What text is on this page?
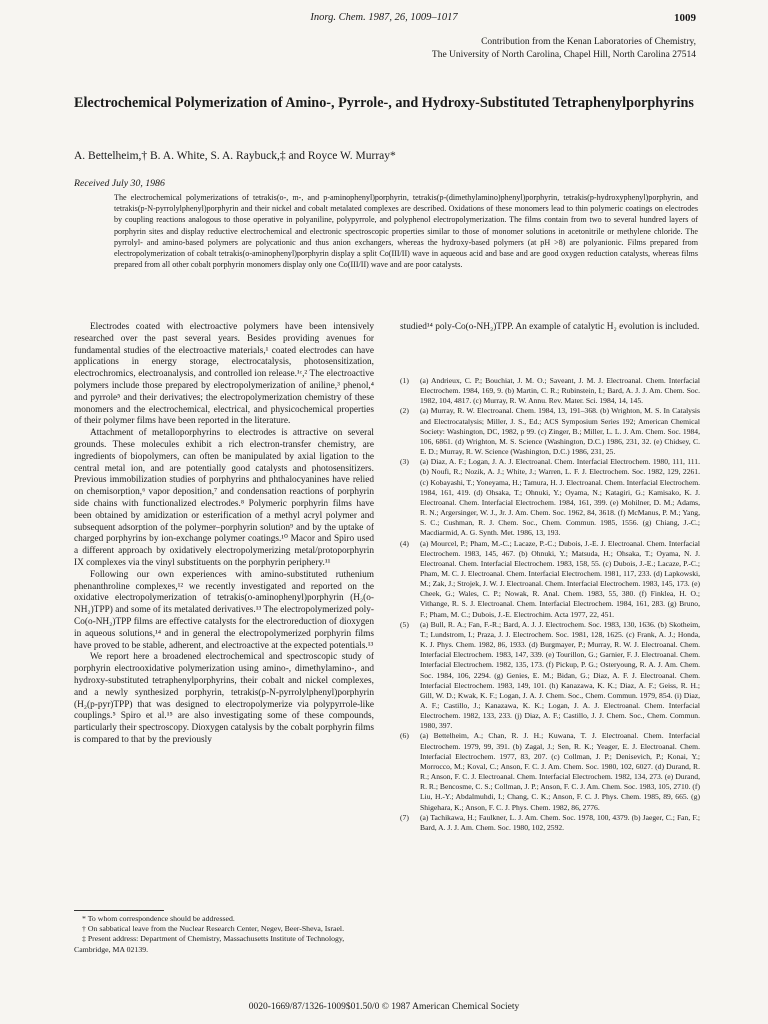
Inorg. Chem. 1987, 26, 1009–1017	1009
Contribution from the Kenan Laboratories of Chemistry,
The University of North Carolina, Chapel Hill, North Carolina 27514
Electrochemical Polymerization of Amino-, Pyrrole-, and Hydroxy-Substituted Tetraphenylporphyrins
A. Bettelheim,† B. A. White, S. A. Raybuck,‡ and Royce W. Murray*
Received July 30, 1986
The electrochemical polymerizations of tetrakis(o-, m-, and p-aminophenyl)porphyrin, tetrakis(p-(dimethylamino)phenyl)porphyrin, tetrakis(p-hydroxyphenyl)porphyrin, and tetrakis(p-N-pyrrolylphenyl)porphyrin and their nickel and cobalt metalated complexes are described. Oxidations of these monomers lead to thin polymeric coatings on electrodes by coupling reactions analogous to those operative in polyaniline, polypyrrole, and polyphenol electropolymerization. The films contain from two to several hundred layers of porphyrin sites and display reductive electrochemical and electronic spectroscopic properties similar to those of monomer solutions in acetonitrile or methylene chloride. The pyrrolyl- and amino-based polymers are polycationic and thus anion exchangers, whereas the hydroxy-based polymers (at pH >8) are polyanionic. Films prepared from electropolymerization of cobalt tetrakis(o-aminophenyl)porphyrin display a split Co(III/II) wave in aqueous acid and base and are good oxygen reduction catalysts, whereas films prepared from all other cobalt porphyrin monomers display only one Co(III/II) wave and are poor catalysts.

Electrodes coated with electroactive polymers have been intensively researched over the past several years. Besides providing avenues for fundamental studies of the electroactive materials,¹ coated electrodes can have applications in energy storage, electrocatalysis, photosensitization, electrochromics, electroanalysis, and controlled ion release.¹ᶜ,² The electroactive polymers include those prepared by electropolymerization of aniline,³ phenol,⁴ and pyrrole⁵ and their derivatives; the electropolymerization chemistry of these monomers and the electrochemical, electrical, and physicochemical properties of their polymer films have been reported in the literature.

Attachment of metalloporphyrins to electrodes is attractive on several grounds. These molecules exhibit a rich electron-transfer chemistry, are ingredients of biopolymers, can often be manipulated by axial ligation to the central metal ion, and are potentially good catalysts and photosensitizers. Previous immobilization studies of porphyrins and phthalocyanines have relied on chemisorption,⁶ vapor deposition,⁷ and condensation reactions of porphyrin side chains with functionalized electrodes.⁸ Polymeric porphyrin films have been obtained by amidization or esterification of a methyl acryl polymer and subsequent adsorption of the polymer–porphyrin solution⁹ and by the uptake of charged porphyrins by ion-exchange polymer coatings.¹⁰ Macor and Spiro used a different approach by oxidatively electropolymerizing metal/protoporphyrin IX complexes via the vinyl substituents on the porphyrin periphery.¹¹

Following our own experiences with amino-substituted ruthenium phenanthroline complexes,¹² we recently investigated and reported on the oxidative electropolymerization of tetrakis(o-aminophenyl)porphyrin (H₂(o-NH₂)TPP) and some of its metalated derivatives.¹³ The electropolymerized poly-Co(o-NH₂)TPP films are effective catalysts for the electroreduction of dioxygen in aqueous solutions,¹⁴ and in general the electropolymerized porphyrin films have proved to be stable, adherent, and electroactive at the expected potentials.¹³

We report here a broadened electrochemical and spectroscopic study of porphyrin electrooxidative polymerization using amino-, dimethylamino-, and hydroxy-substituted tetraphenylporphyrins, their cobalt and nickel complexes, and a newly synthesized porphyrin, tetrakis(p-N-pyrrolylphenyl)porphyrin (H₂(p-pyr)TPP) that was designed to electropolymerize via polypyrrole-like couplings.⁵ Spiro et al.¹⁵ are also investigating some of these compounds, particularly their spectroscopy. Dioxygen catalysis by the cobalt porphyrin films is compared to that by the previously

studied¹⁴ poly-Co(o-NH₂)TPP. An example of catalytic H₂ evolution is included.

(1)	(a) Andrieux, C. P.; Bouchiat, J. M. O.; Saveant, J. M. J. Electroanal. Chem. Interfacial Electrochem. 1984, 169, 9. (b) Martin, C. R.; Rubinstein, I.; Bard, A. J. J. Am. Chem. Soc. 1982, 104, 4817. (c) Murray, R. W. Annu. Rev. Mater. Sci. 1984, 14, 145.
(2)	(a) Murray, R. W. Electroanal. Chem. 1984, 13, 191–368. (b) Wrighton, M. S. In Catalysis and Electrocatalysis; Miller, J. S., Ed.; ACS Symposium Series 192; American Chemical Society: Washington, DC, 1982, p 99. (c) Zinger, B.; Miller, L. L. J. Am. Chem. Soc. 1984, 106, 6861. (d) Wrighton, M. S. Science (Washington, D.C.) 1986, 231, 32. (e) Chidsey, C. E. D.; Murray, R. W. Science (Washington, D.C.) 1986, 231, 25.
(3)	(a) Diaz, A. F.; Logan, J. A. J. Electroanal. Chem. Interfacial Electrochem. 1980, 111, 111. (b) Noufi, R.; Nozik, A. J.; White, J.; Warren, L. F. J. Electrochem. Soc. 1982, 129, 2261. (c) Kobayashi, T.; Yoneyama, H.; Tamura, H. J. Electroanal. Chem. Interfacial Electrochem. 1984, 161, 419. (d) Ohsaka, T.; Ohnuki, Y.; Oyama, N.; Katagiri, G.; Kamisako, K. J. Electroanal. Chem. Interfacial Electrochem. 1984, 161, 399. (e) Mohilner, D. M.; Adams, R. N.; Argersinger, W. J., Jr. J. Am. Chem. Soc. 1962, 84, 3618. (f) McManus, P. M.; Yang, S. C.; Cushman, R. J. Chem. Soc., Chem. Commun. 1985, 1556. (g) Chiang, J.-C.; Macdiarmid, A. G. Synth. Met. 1986, 13, 193.
(4)	(a) Mourcel, P.; Pham, M.-C.; Lacaze, P.-C.; Dubois, J.-E. J. Electroanal. Chem. Interfacial Electrochem. 1983, 145, 467. (b) Ohnuki, Y.; Matsuda, H.; Ohsaka, T.; Oyama, N. J. Electroanal. Chem. Interfacial Electrochem. 1983, 158, 55. (c) Dubois, J.-E.; Lacaze, P.-C.; Pham, M. C. J. Electroanal. Chem. Interfacial Electrochem. 1981, 117, 233. (d) Lapkowski, M.; Zak, J.; Strojek, J. W. J. Electroanal. Chem. Interfacial Electrochem. 1983, 145, 173. (e) Cheek, G.; Wales, C. P.; Nowak, R. Anal. Chem. 1983, 55, 380. (f) Finklea, H. O.; Vithange, R. S. J. Electroanal. Chem. Interfacial Electrochem. 1984, 161, 283. (g) Bruno, F.; Pham, M. C.; Dubois, J.-E. Electrochim. Acta 1977, 22, 451.
(5)	(a) Bull, R. A.; Fan, F.-R.; Bard, A. J. J. Electrochem. Soc. 1983, 130, 1636. (b) Skotheim, T.; Lundstrom, I.; Praza, J. J. Electrochem. Soc. 1981, 128, 1625. (c) Frank, A. J.; Honda, K. J. Phys. Chem. 1982, 86, 1933. (d) Burgmayer, P.; Murray, R. W. J. Electroanal. Chem. Interfacial Electrochem. 1983, 147, 339. (e) Tourillon, G.; Garnier, F. J. Electroanal. Chem. Interfacial Electrochem. 1982, 135, 173. (f) Pickup, P. G.; Osteryoung, R. A. J. Am. Chem. Soc. 1984, 106, 2294. (g) Genies, E. M.; Bidan, G.; Diaz, A. F. J. Electroanal. Chem. Interfacial Electrochem. 1983, 149, 101. (h) Kanazawa, K. K.; Diaz, A. F.; Geiss, R. H.; Gill, W. D.; Kwak, K. F.; Logan, J. A. J. Chem. Soc., Chem. Commun. 1979, 854. (i) Diaz, A. F.; Castillo, J.; Kanazawa, K. K.; Logan, J. A. J. Electroanal. Chem. Interfacial Electrochem. 1982, 133, 233. (j) Diaz, A. F.; Castillo, J. J. Chem. Soc., Chem. Commun. 1980, 397.
(6)	(a) Bettelheim, A.; Chan, R. J. H.; Kuwana, T. J. Electroanal. Chem. Interfacial Electrochem. 1979, 99, 391. (b) Zagal, J.; Sen, R. K.; Yeager, E. J. Electroanal. Chem. Interfacial Electrochem. 1977, 83, 207. (c) Collman, J. P.; Denisevich, P.; Konai, Y.; Morrocco, M.; Koval, C.; Anson, F. C. J. Am. Chem. Soc. 1980, 102, 6027. (d) Durand, R. R.; Anson, F. C. J. Electroanal. Chem. Interfacial Electrochem. 1982, 134, 273. (e) Durand, R. R.; Bencosme, C. S.; Collman, J. P.; Anson, F. C. J. Am. Chem. Soc. 1983, 105, 2710. (f) Liu, H.-Y.; Abdalmuhdi, I.; Chang, C. K.; Anson, F. C. J. Phys. Chem. 1985, 89, 665. (g) Shigehara, K.; Anson, F. C. J. Phys. Chem. 1982, 86, 2776.
(7)	(a) Tachikawa, H.; Faulkner, L. J. Am. Chem. Soc. 1978, 100, 4379. (b) Jaeger, C.; Fan, F.; Bard, A. J. J. Am. Chem. Soc. 1980, 102, 2592.

* To whom correspondence should be addressed.

† On sabbatical leave from the Nuclear Research Center, Negev, Beer-Sheva, Israel.

‡ Present address: Department of Chemistry, Massachusetts Institute of Technology, Cambridge, MA 02139.

0020-1669/87/1326-1009$01.50/0 © 1987 American Chemical Society
